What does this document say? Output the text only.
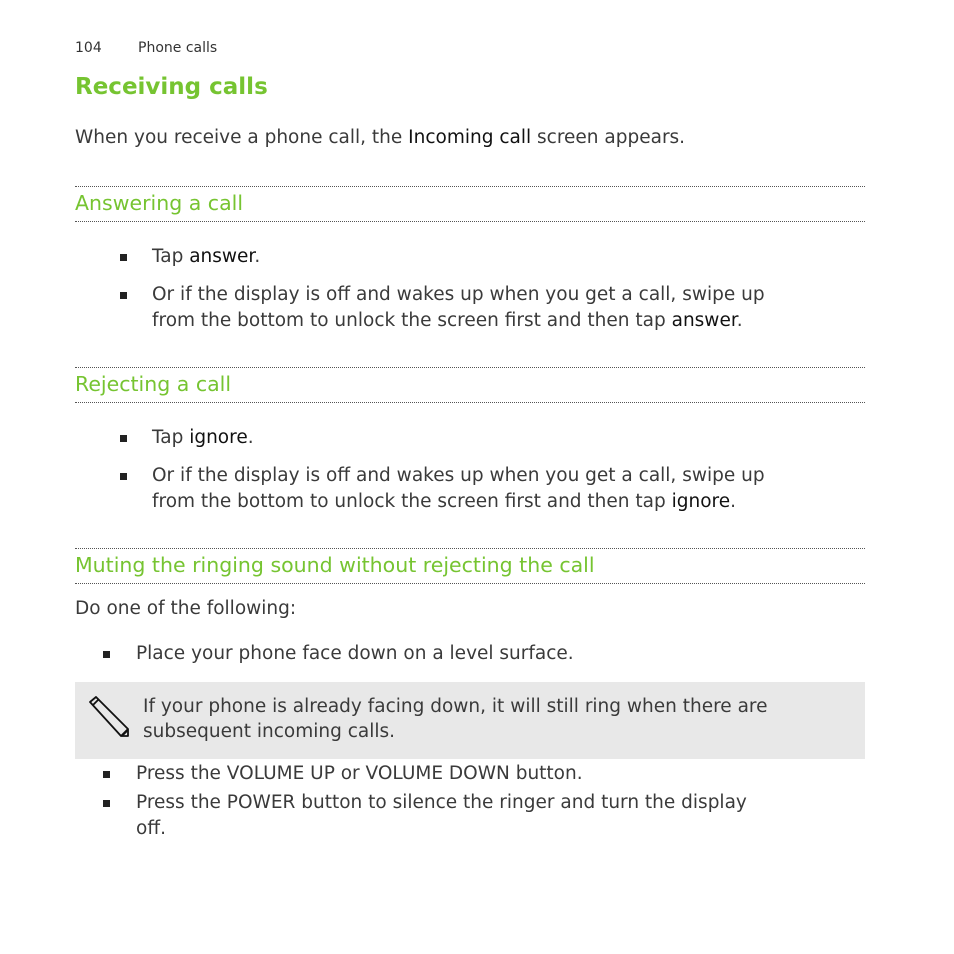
104	Phone calls
Receiving calls
When you receive a phone call, the Incoming call screen appears.
Answering a call
Tap answer.
Or if the display is off and wakes up when you get a call, swipe up
from the bottom to unlock the screen first and then tap answer.
Rejecting a call
Tap ignore.
Or if the display is off and wakes up when you get a call, swipe up
from the bottom to unlock the screen first and then tap ignore.
Muting the ringing sound without rejecting the call
Do one of the following:
Place your phone face down on a level surface.
If your phone is already facing down, it will still ring when there are
subsequent incoming calls.
Press the VOLUME UP or VOLUME DOWN button.
Press the POWER button to silence the ringer and turn the display
off.
